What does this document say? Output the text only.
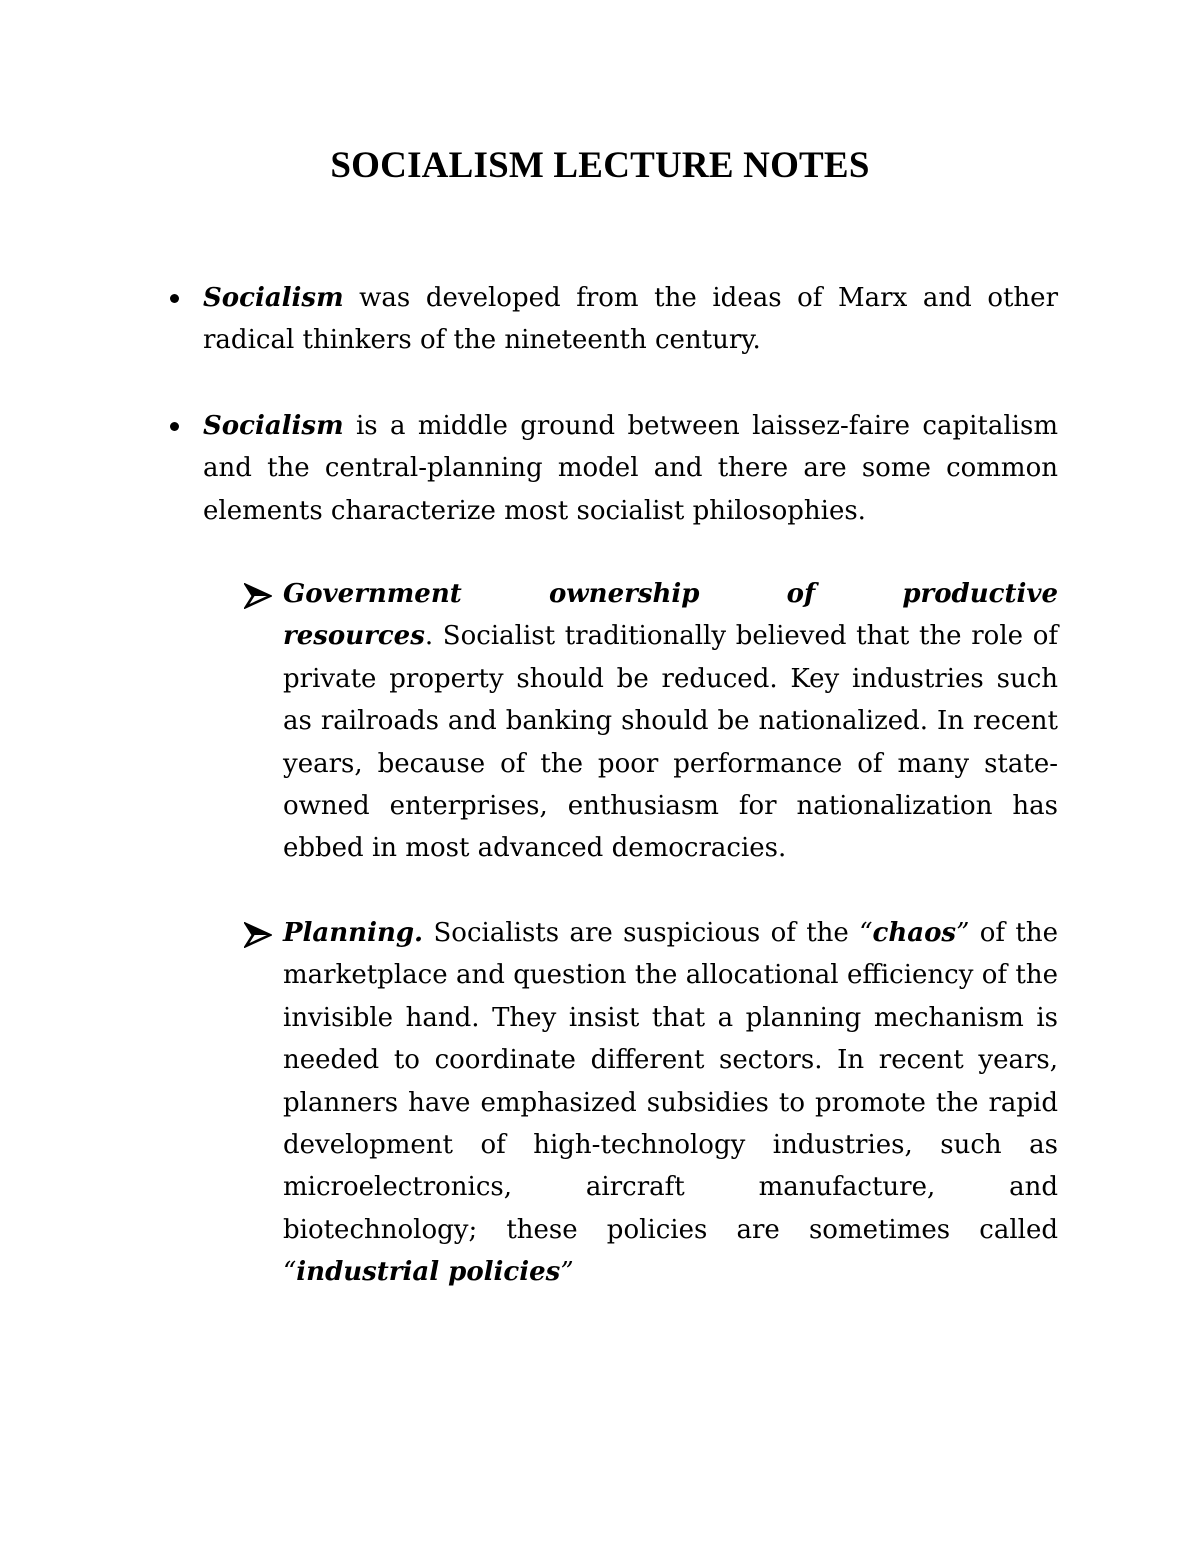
SOCIALISM LECTURE NOTES

Socialism was developed from the ideas of Marx and other radical thinkers of the nineteenth century.

Socialism is a middle ground between laissez-faire capitalism and the central-planning model and there are some common elements characterize most socialist philosophies.

Government ownership of productive resources. Socialist traditionally believed that the role of private property should be reduced. Key industries such as railroads and banking should be nationalized. In recent years, because of the poor performance of many state-owned enterprises, enthusiasm for nationalization has ebbed in most advanced democracies.

Planning. Socialists are suspicious of the “chaos” of the marketplace and question the allocational efficiency of the invisible hand. They insist that a planning mechanism is needed to coordinate different sectors. In recent years, planners have emphasized subsidies to promote the rapid development of high-technology industries, such as microelectronics, aircraft manufacture, and biotechnology; these policies are sometimes called “industrial policies”
